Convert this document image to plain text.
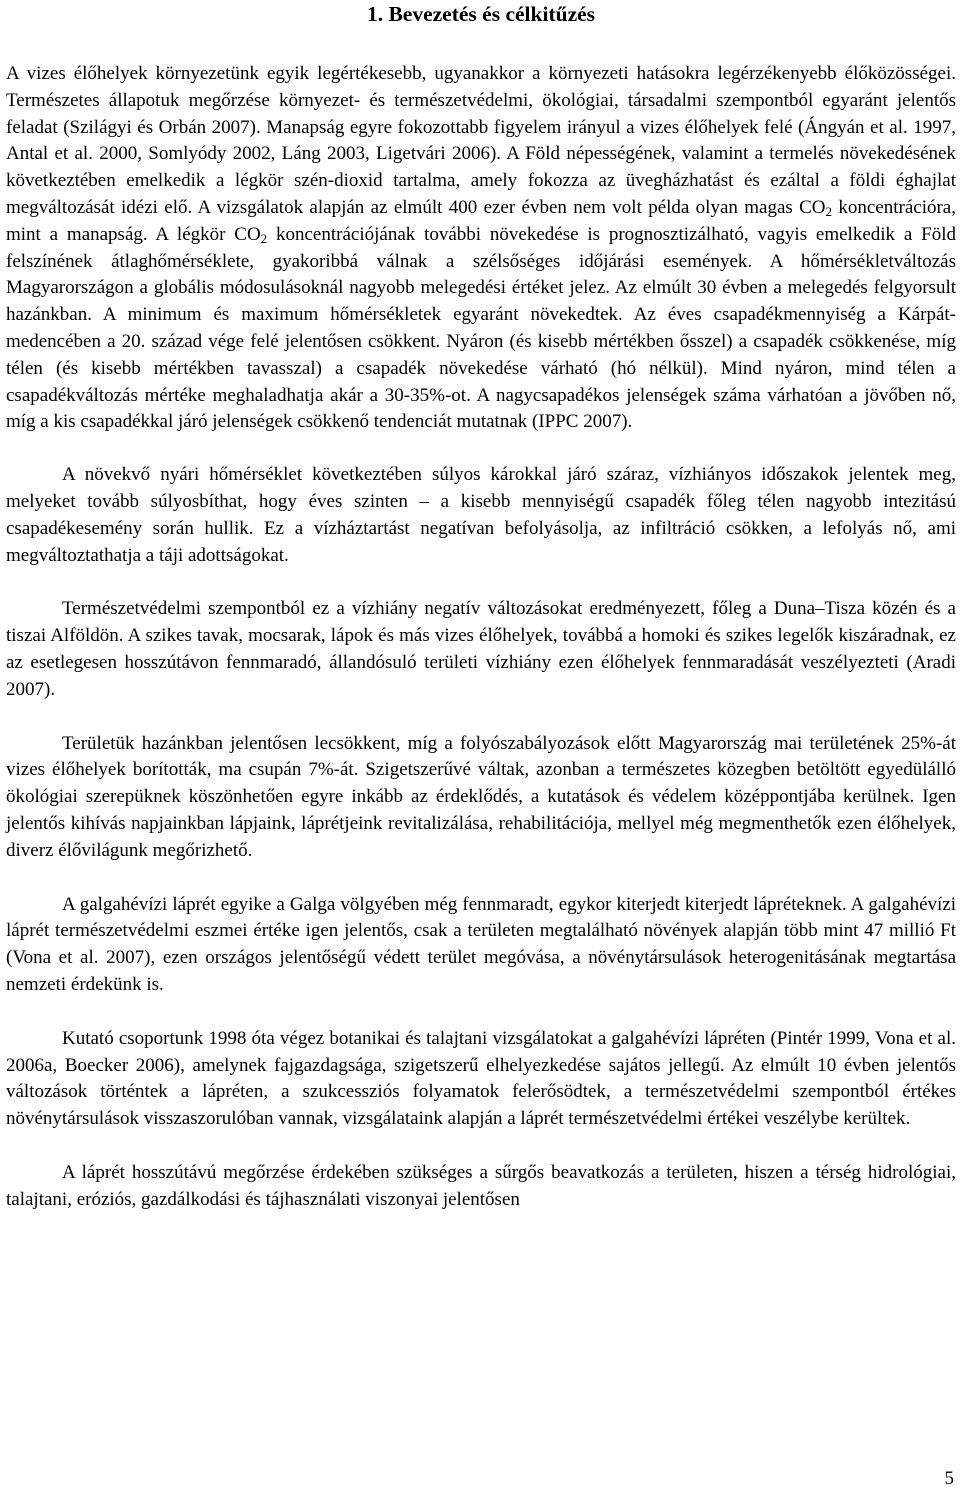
1. Bevezetés és célkitűzés

A vizes élőhelyek környezetünk egyik legértékesebb, ugyanakkor a környezeti hatásokra legérzékenyebb élőközösségei. Természetes állapotuk megőrzése környezet- és természetvédelmi, ökológiai, társadalmi szempontból egyaránt jelentős feladat (Szilágyi és Orbán 2007). Manapság egyre fokozottabb figyelem irányul a vizes élőhelyek felé (Ángyán et al. 1997, Antal et al. 2000, Somlyódy 2002, Láng 2003, Ligetvári 2006). A Föld népességének, valamint a termelés növekedésének következtében emelkedik a légkör szén-dioxid tartalma, amely fokozza az üvegházhatást és ezáltal a földi éghajlat megváltozását idézi elő. A vizsgálatok alapján az elmúlt 400 ezer évben nem volt példa olyan magas $CO_2$ koncentrációra, mint a manapság. A légkör $CO_2$ koncentrációjának további növekedése is prognosztizálható, vagyis emelkedik a Föld felszínének átlaghőmérséklete, gyakoribbá válnak a szélsőséges időjárási események. A hőmérsékletváltozás Magyarországon a globális módosulásoknál nagyobb melegedési értéket jelez. Az elmúlt 30 évben a melegedés felgyorsult hazánkban. A minimum és maximum hőmérsékletek egyaránt növekedtek. Az éves csapadékmennyiség a Kárpát-medencében a 20. század vége felé jelentősen csökkent. Nyáron (és kisebb mértékben ősszel) a csapadék csökkenése, míg télen (és kisebb mértékben tavasszal) a csapadék növekedése várható (hó nélkül). Mind nyáron, mind télen a csapadékváltozás mértéke meghaladhatja akár a 30-35%-ot. A nagycsapadékos jelenségek száma várhatóan a jövőben nő, míg a kis csapadékkal járó jelenségek csökkenő tendenciát mutatnak (IPPC 2007).

A növekvő nyári hőmérséklet következtében súlyos károkkal járó száraz, vízhiányos időszakok jelentek meg, melyeket tovább súlyosbíthat, hogy éves szinten – a kisebb mennyiségű csapadék főleg télen nagyobb intezitású csapadékesemény során hullik. Ez a vízháztartást negatívan befolyásolja, az infiltráció csökken, a lefolyás nő, ami megváltoztathatja a táji adottságokat.

Természetvédelmi szempontból ez a vízhiány negatív változásokat eredményezett, főleg a Duna–Tisza közén és a tiszai Alföldön. A szikes tavak, mocsarak, lápok és más vizes élőhelyek, továbbá a homoki és szikes legelők kiszáradnak, ez az esetlegesen hosszútávon fennmaradó, állandósuló területi vízhiány ezen élőhelyek fennmaradását veszélyezteti (Aradi 2007).

Területük hazánkban jelentősen lecsökkent, míg a folyószabályozások előtt Magyarország mai területének 25%-át vizes élőhelyek borították, ma csupán 7%-át. Szigetszerűvé váltak, azonban a természetes közegben betöltött egyedülálló ökológiai szerepüknek köszönhetően egyre inkább az érdeklődés, a kutatások és védelem középpontjába kerülnek. Igen jelentős kihívás napjainkban lápjaink, láprétjeink revitalizálása, rehabilitációja, mellyel még megmenthetők ezen élőhelyek, diverz élővilágunk megőrizhető.

A galgahévízi láprét egyike a Galga völgyében még fennmaradt, egykor kiterjedt kiterjedt lápréteknek. A galgahévízi láprét természetvédelmi eszmei értéke igen jelentős, csak a területen megtalálható növények alapján több mint 47 millió Ft (Vona et al. 2007), ezen országos jelentőségű védett terület megóvása, a növénytársulások heterogenitásának megtartása nemzeti érdekünk is.

Kutató csoportunk 1998 óta végez botanikai és talajtani vizsgálatokat a galgahévízi lápréten (Pintér 1999, Vona et al. 2006a, Boecker 2006), amelynek fajgazdagsága, szigetszerű elhelyezkedése sajátos jellegű. Az elmúlt 10 évben jelentős változások történtek a lápréten, a szukcessziós folyamatok felerősödtek, a természetvédelmi szempontból értékes növénytársulások visszaszorulóban vannak, vizsgálataink alapján a láprét természetvédelmi értékei veszélybe kerültek.

A láprét hosszútávú megőrzése érdekében szükséges a sűrgős beavatkozás a területen, hiszen a térség hidrológiai, talajtani, eróziós, gazdálkodási és tájhasználati viszonyai jelentősen

5
